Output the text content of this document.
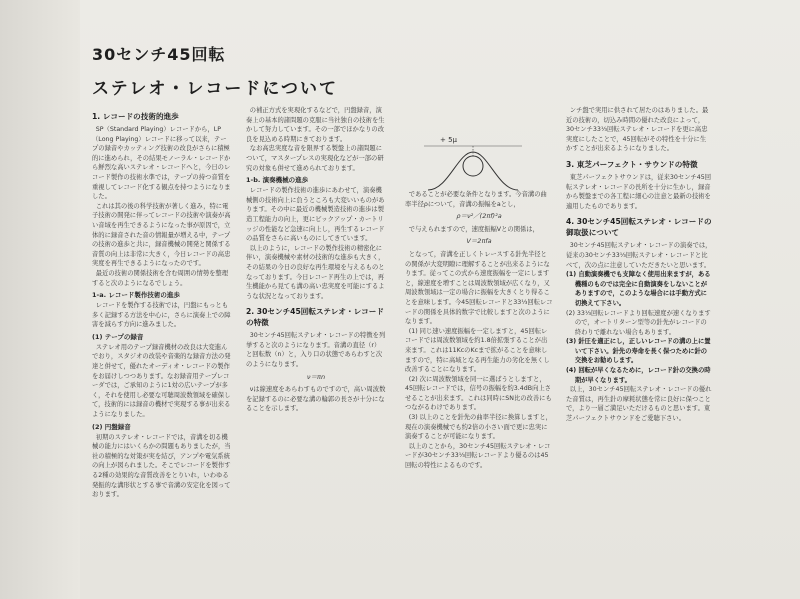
30センチ45回転
ステレオ・レコードについて

1. レコードの技術的進歩

SP（Standard Playing）レコードから，LP（Long Playing）レコードに移って以来，テープの録音やカッティング技術の改良がさらに積極的に進められ，その結果モノーラル・レコードから鮮烈な高いステレオ・レコードへと，今日のレコード製作の技術水準では，テープの持つ音質を重視してレコード化する観点を持つようになりました。

これは其の後の科学技術が著しく進み，特に電子技術の開発に伴ってレコードの技術や演奏が高い音域を再生できるようになった事が原因で，立体的に録音された音の情報量が増える中，テープの技術の進歩と共に，録音機械の開発と関係する音質の向上は非常に大きく，今日レコードの高忠実度を再生できるようになったのです。

最近の技術の関係技術を含む周囲の情勢を整理すると次のようになるでしょう。

1-a. レコード製作技術の進歩

レコードを製作する技術では，円盤にもっとも多く記録する方法を中心に，さらに演奏上での障害を減らす方向に進みました。

(1) テープの録音

ステレオ用のテープ録音機材の改良は大変進んでおり，スタジオの改装や音楽的な録音方法の発達と併せて，優れたオーディオ・レコードの製作をお届けしつつあります。なお録音用テープレコーダでは，ご承知のように1対の広いテープが多く，それを使用し必要な可聴周波数領域を確保して，技術的には録音の機材で実現する事が出来るようになりました。

(2) 円盤録音

初期のステレオ・レコードでは，音溝を切る機械の能力にはいくらかの問題もありましたが，当社の積極的な対策が実を結び，アンプや電気系統の向上が図られました。そこでレコードを製作する2種の効果的な音質改善をとりいれ，いわゆる発振的な溝形状とする事で音溝の安定化を図っております。

の補正方式を実現化するなどで，円盤録音，演奏上の基本的諸問題の克服に当社独自の技術を生かして努力しています。その一部でほかなりの改良を見込める時期にきております。

なお高忠実度な音を限界する製盤上の諸問題について，マスタープレスの実現化などが一部の研究の対象も併せて進められております。

1-b. 演奏機械の進歩

レコードの製作技術の進歩にあわせて，演奏機械側の技術向上に負うところも大変いいものがあります。その中に最近の機械製造技術の進歩は製造工程能力の向上，更にピックアップ・カートリッジの性能など急速に向上し，再生するレコードの品質をさらに高いものにしてきています。

以上のように，レコードの製作技術の精密化に伴い，演奏機械や素材の技術的な進歩も大きく，その結果の今日の良好な再生環境を与えるものとなっております。今日レコード再生の上では，再生機能から見ても溝の高い忠実度を可能にするような状況となっております。

2. 30センチ45回転ステレオ・レコードの特徴

30センチ45回転ステレオ・レコードの特徴を列挙すると次のようになります。音溝の直径（r）と回転数（n）と，入り口の状態であらわすと次のようになります。

ν＝πn

νは線速度をあらわすものですので，高い周波数を記録するのに必要な溝の輪郭の長さが十分になることを示します。

+ 5μ

であることが必要な条件となります。今音溝の曲率半径ρについて，音溝の振幅をaとし，

ρ＝ν²／(2πf)²a

で与えられますので，速度振幅Vとの関係は，

V＝2πfa

となって，音溝を正しくトレースする針先半径との関係が大変明瞭に理解することが出来るようになります。従ってこの式から速度振幅を一定にしますと，線速度を増すことは周波数領域が広くなり，又周波数領域は一定の場合に振幅を大きくとり得ることを意味します。今45回転レコードと33⅓回転レコードの関係を具体的数字で比較しますと次のようになります。

(1) 同じ速い速度振幅を一定しますと，45回転レコードでは周波数領域を約1.8倍拡張することが出来ます。これは11KcのKcまで拡がることを意味しますので，特に高域となる再生能力の劣化を無くし改善することになります。

(2) 次に周波数領域を同一に選ばうとしますと，45回転レコードでは，信号の振幅を約3.4dB向上させることが出来ます。これは同時にSN比の改善にもつながるわけであります。

(3) 以上のことを針先の曲率半径に換算しますと，現在の演奏機械でも約2倍の小さい面で更に忠実に演奏することが可能になります。

以上のことから，30センチ45回転ステレオ・レコードが30センチ33⅓回転レコードより優るのは45回転の特性によるものです。

ンチ盤で実用に供されて居たのはありました。最近の技術の，切込み時間の優れた改良によって，30センチ33⅓回転ステレオ・レコードを更に高忠実度にしたことで，45回転がその特性を十分に生かすことが出来るようになりました。

3. 東芝パーフェクト・サウンドの特徴

東芝パーフェクトサウンドは，従来30センチ45回転ステレオ・レコードの長所を十分に生かし，録音から製盤までの各工程に細心の注意と最新の技術を適用したものであります。

4. 30センチ45回転ステレオ・レコードの御取扱について

30センチ45回転ステレオ・レコードの演奏では，従来の30センチ33⅓回転ステレオ・レコードと比べて，次の点に注意していただきたいと思います。

(1) 自動演奏機でも支障なく使用出来ますが，ある機種のものでは完全に自動演奏をしないことがありますので，このような場合には手動方式に切換えて下さい。

(2) 33⅓回転レコードより回転速度が速くなりますので，オートリターン型等の針先がレコードの終わりで離れない場合もあります。

(3) 針圧を適正にし，正しいレコードの溝の上に置いて下さい。針先の寿命を長く保つために針の交換をお勧めします。

(4) 回転が早くなるために，レコード針の交換の時期が早くなります。

以上，30センチ45回転ステレオ・レコードの優れた音質は，再生針の摩耗状態を常に良好に保つことで，より一層ご満足いただけるものと思います。東芝パーフェクトサウンドをご愛聴下さい。
